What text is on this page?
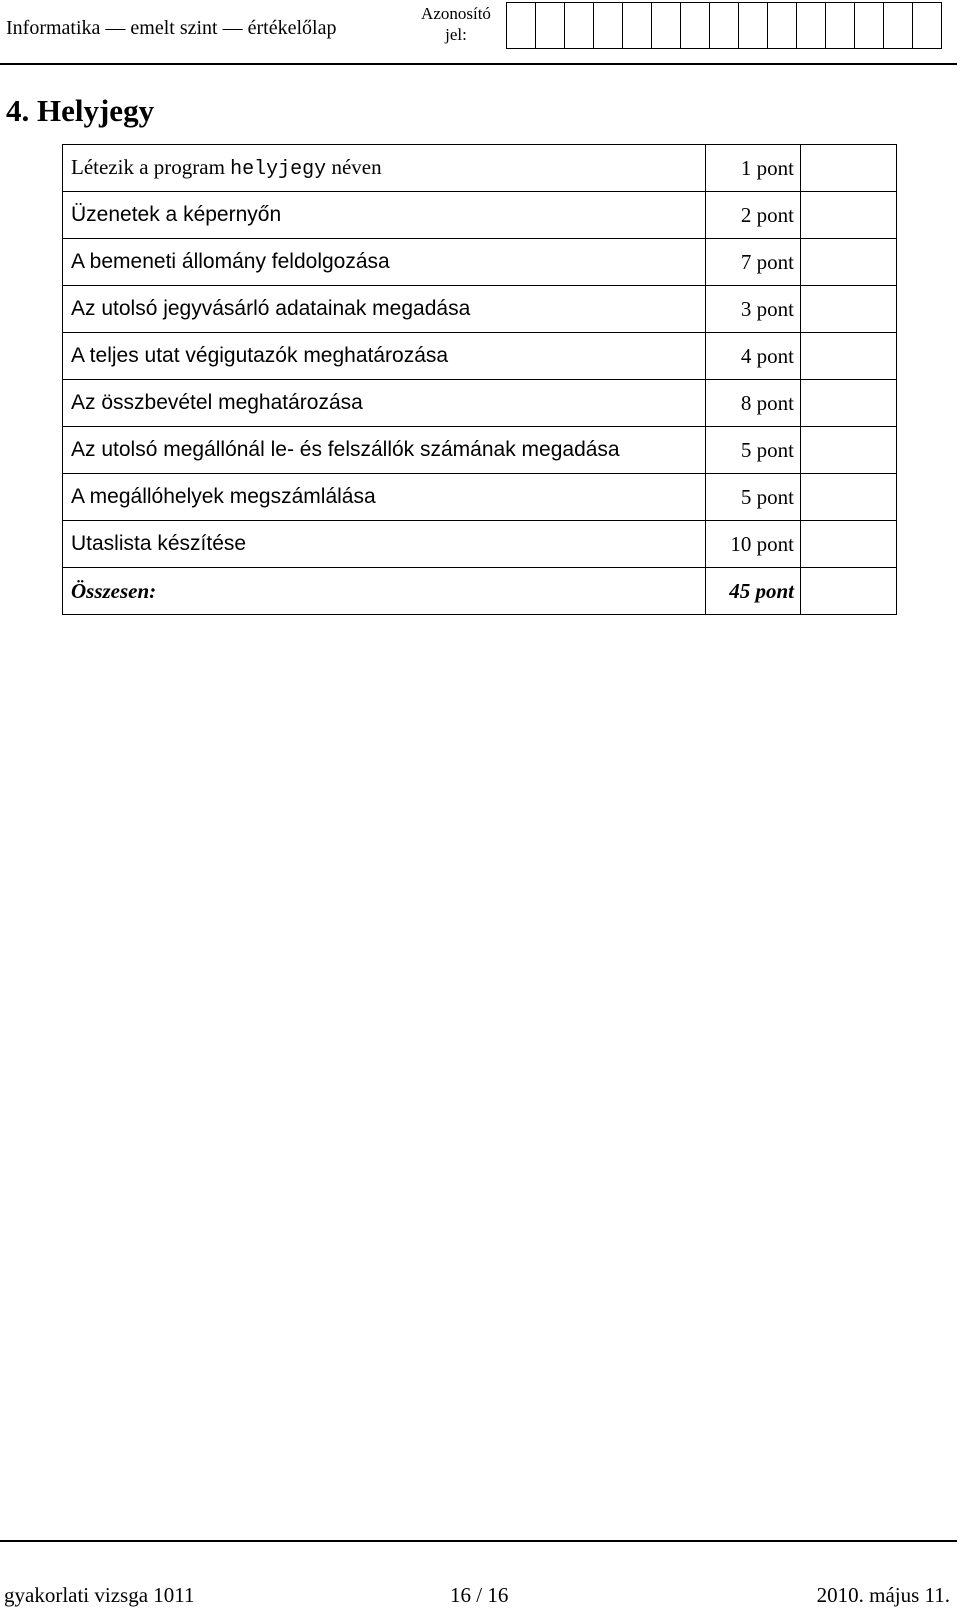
Informatika — emelt szint — értékelőlap
Azonosító jel:
4. Helyjegy
Létezik a program helyjegy néven	1 pont	
Üzenetek a képernyőn	2 pont	
A bemeneti állomány feldolgozása	7 pont	
Az utolsó jegyvásárló adatainak megadása	3 pont	
A teljes utat végigutazók meghatározása	4 pont	
Az összbevétel meghatározása	8 pont	
Az utolsó megállónál le- és felszállók számának megadása	5 pont	
A megállóhelyek megszámlálása	5 pont	
Utaslista készítése	10 pont	
Összesen:	45 pont	
gyakorlati vizsga 1011	16 / 16	2010. május 11.
